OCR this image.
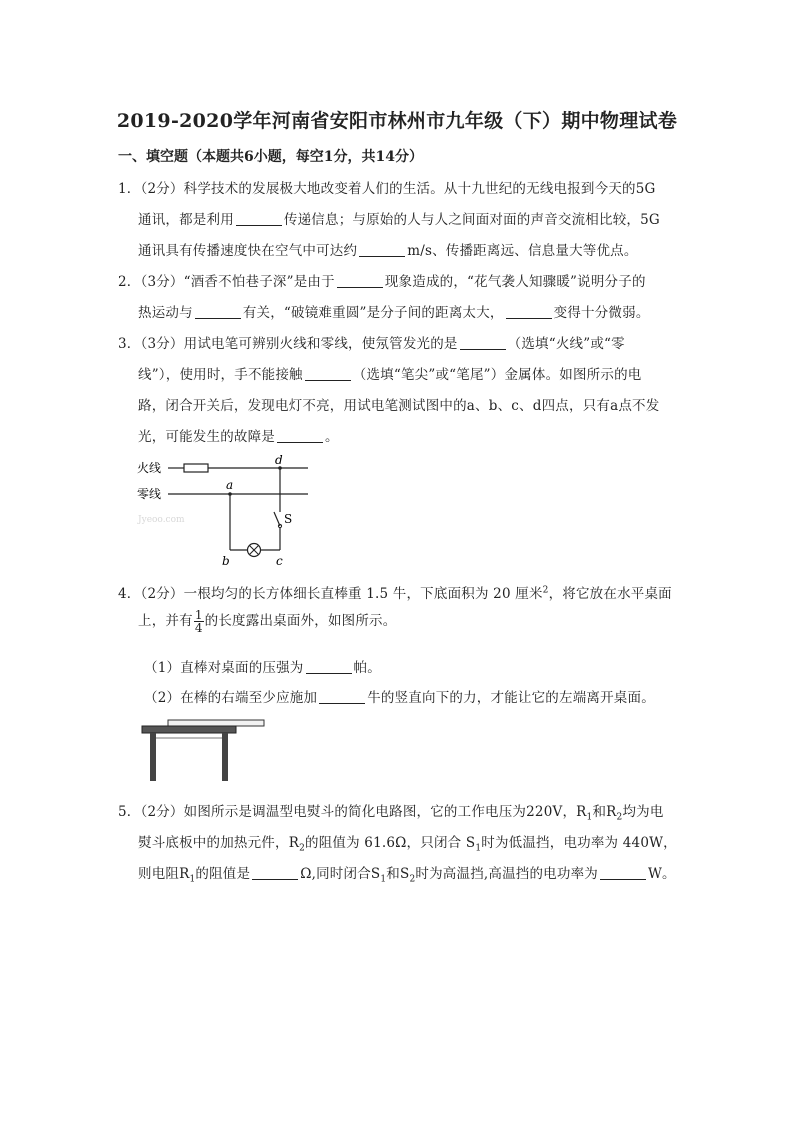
2019-2020学年河南省安阳市林州市九年级（下）期中物理试卷
一、填空题（本题共6小题，每空1分，共14分）
1．（2分）科学技术的发展极大地改变着人们的生活。从十九世纪的无线电报到今天的5G
通讯，都是利用	传递信息；与原始的人与人之间面对面的声音交流相比较，5G
通讯具有传播速度快在空气中可达约	m/s、传播距离远、信息量大等优点。
2．（3分）“酒香不怕巷子深”是由于	现象造成的，“花气袭人知骤暖”说明分子的
热运动与	有关，“破镜难重圆”是分子间的距离太大，	变得十分微弱。
3．（3分）用试电笔可辨别火线和零线，使氖管发光的是	（选填“火线”或“零
线”），使用时，手不能接触	（选填“笔尖”或“笔尾”）金属体。如图所示的电
路，闭合开关后，发现电灯不亮，用试电笔测试图中的a、b、c、d四点，只有a点不发
光，可能发生的故障是	。
火线
零线
d
a
S
b	c
Jyeoo.com
4．（2分）一根均匀的长方体细长直棒重 1.5 牛，下底面积为 20 厘米$^2$，将它放在水平桌面
上，并有 $\frac{1}{4}$ 的长度露出桌面外，如图所示。
（1）直棒对桌面的压强为	帕。
（2）在棒的右端至少应施加	牛的竖直向下的力，才能让它的左端离开桌面。
5．（2分）如图所示是调温型电熨斗的简化电路图，它的工作电压为220V，$R_1$和$R_2$均为电
熨斗底板中的加热元件，$R_2$的阻值为 61.6Ω，只闭合 $S_1$时为低温挡，电功率为 440W，
则电阻$R_1$的阻值是	Ω,同时闭合$S_1$和$S_2$时为高温挡,高温挡的电功率为	W。
